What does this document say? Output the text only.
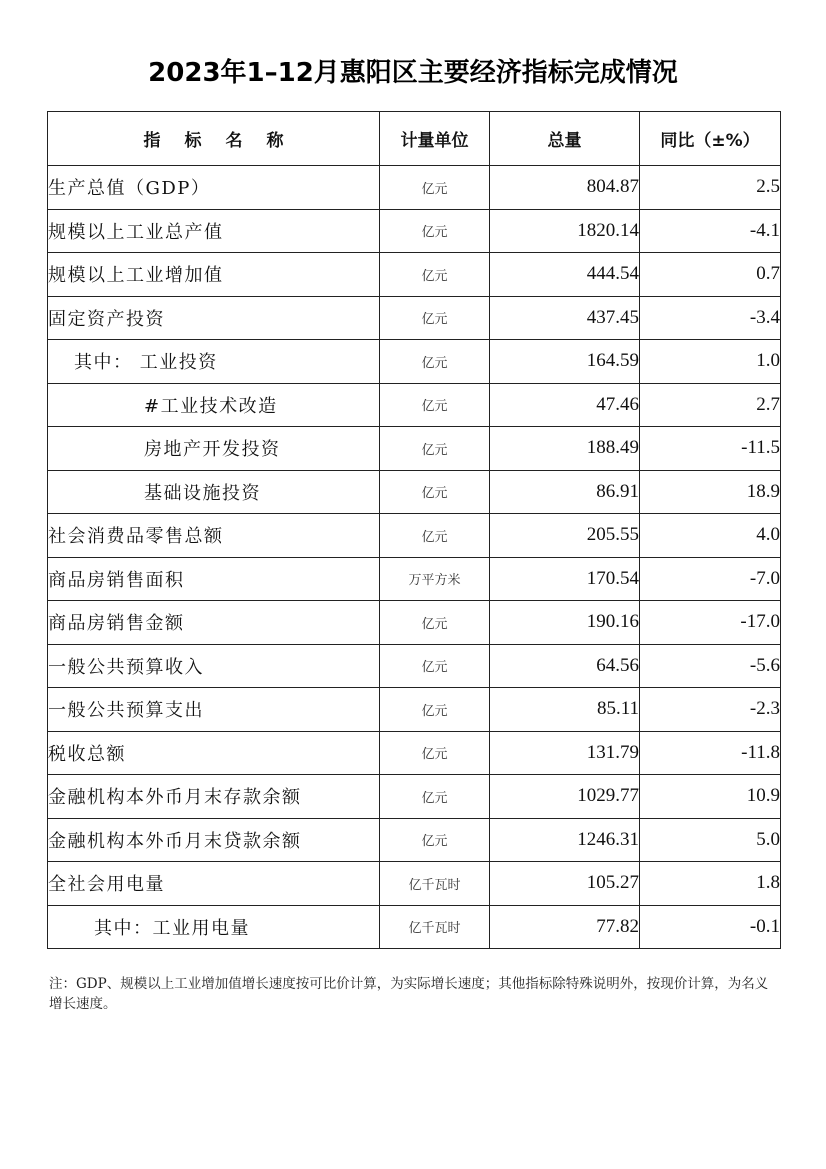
2023年1–12月惠阳区主要经济指标完成情况
指标名称	计量单位	总量	同比（±%）
生产总值（GDP）	亿元	804.87	2.5
规模以上工业总产值	亿元	1820.14	-4.1
规模以上工业增加值	亿元	444.54	0.7
固定资产投资	亿元	437.45	-3.4
其中： 工业投资	亿元	164.59	1.0
#工业技术改造	亿元	47.46	2.7
房地产开发投资	亿元	188.49	-11.5
基础设施投资	亿元	86.91	18.9
社会消费品零售总额	亿元	205.55	4.0
商品房销售面积	万平方米	170.54	-7.0
商品房销售金额	亿元	190.16	-17.0
一般公共预算收入	亿元	64.56	-5.6
一般公共预算支出	亿元	85.11	-2.3
税收总额	亿元	131.79	-11.8
金融机构本外币月末存款余额	亿元	1029.77	10.9
金融机构本外币月末贷款余额	亿元	1246.31	5.0
全社会用电量	亿千瓦时	105.27	1.8
其中：工业用电量	亿千瓦时	77.82	-0.1
注：GDP、规模以上工业增加值增长速度按可比价计算，为实际增长速度；其他指标除特殊说明外，按现价计算，为名义增长速度。
